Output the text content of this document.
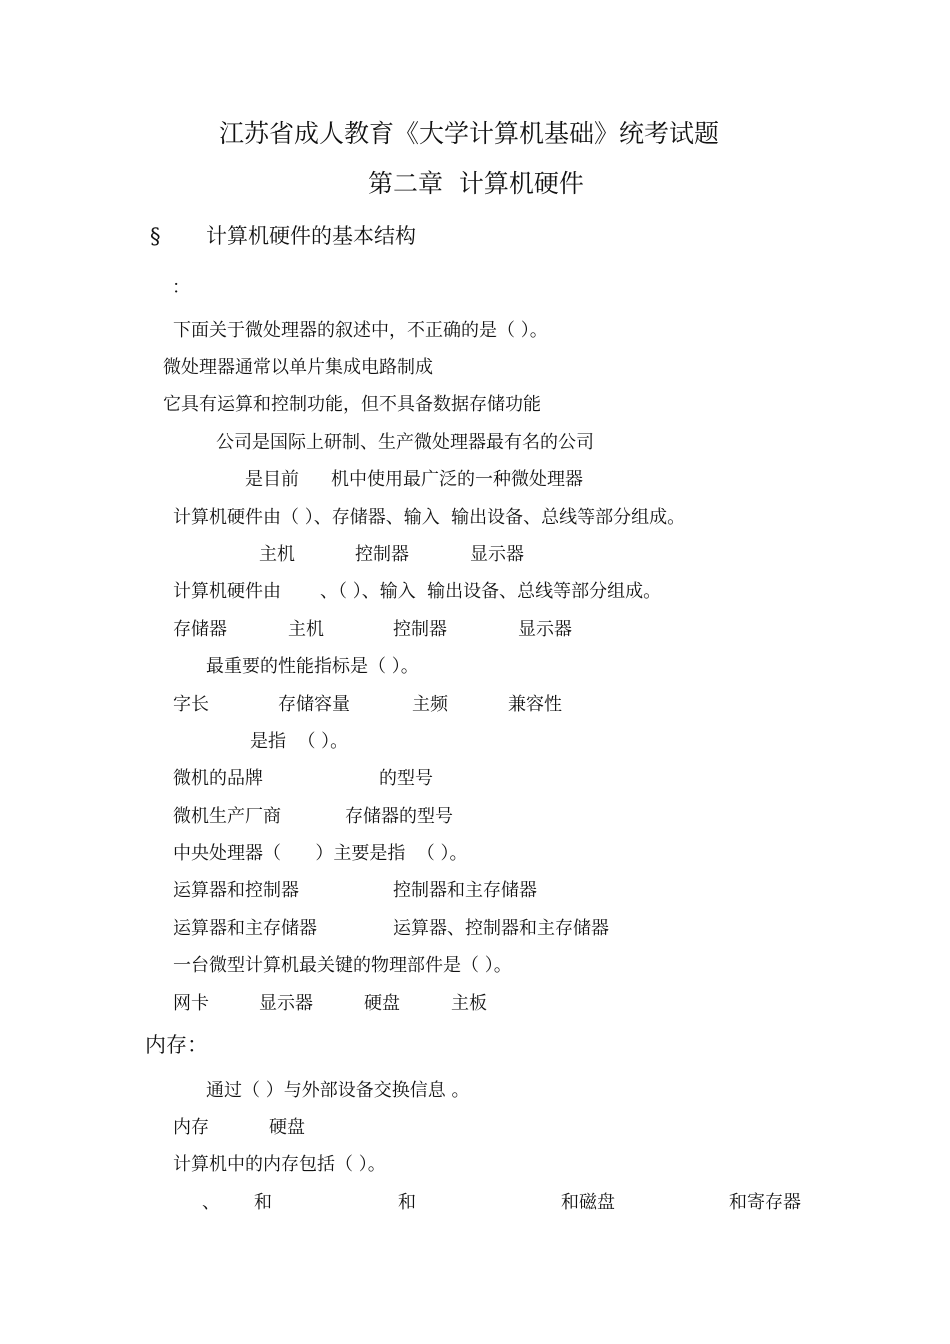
江苏省成人教育《大学计算机基础》统考试题
第二章  计算机硬件
§ 计算机硬件的基本结构
：
下面关于微处理器的叙述中，不正确的是（ ）。
微处理器通常以单片集成电路制成
它具有运算和控制功能，但不具备数据存储功能
公司是国际上研制、生产微处理器最有名的公司
是目前 机中使用最广泛的一种微处理器
计算机硬件由（ ）、存储器、输入  输出设备、总线等部分组成。
主机	控制器	显示器
计算机硬件由 、（ ）、输入  输出设备、总线等部分组成。
存储器	主机	控制器	显示器
最重要的性能指标是（ ）。
字长	存储容量	主频	兼容性
是指  （ ）。
微机的品牌	的型号
微机生产厂商	存储器的型号
中央处理器（      ）主要是指  （ ）。
运算器和控制器	控制器和主存储器
运算器和主存储器	运算器、控制器和主存储器
一台微型计算机最关键的物理部件是（ ）。
网卡	显示器	硬盘	主板
内存：
通过（ ）与外部设备交换信息 。
内存	硬盘
计算机中的内存包括（ ）。
、 和	和	和磁盘	和寄存器
